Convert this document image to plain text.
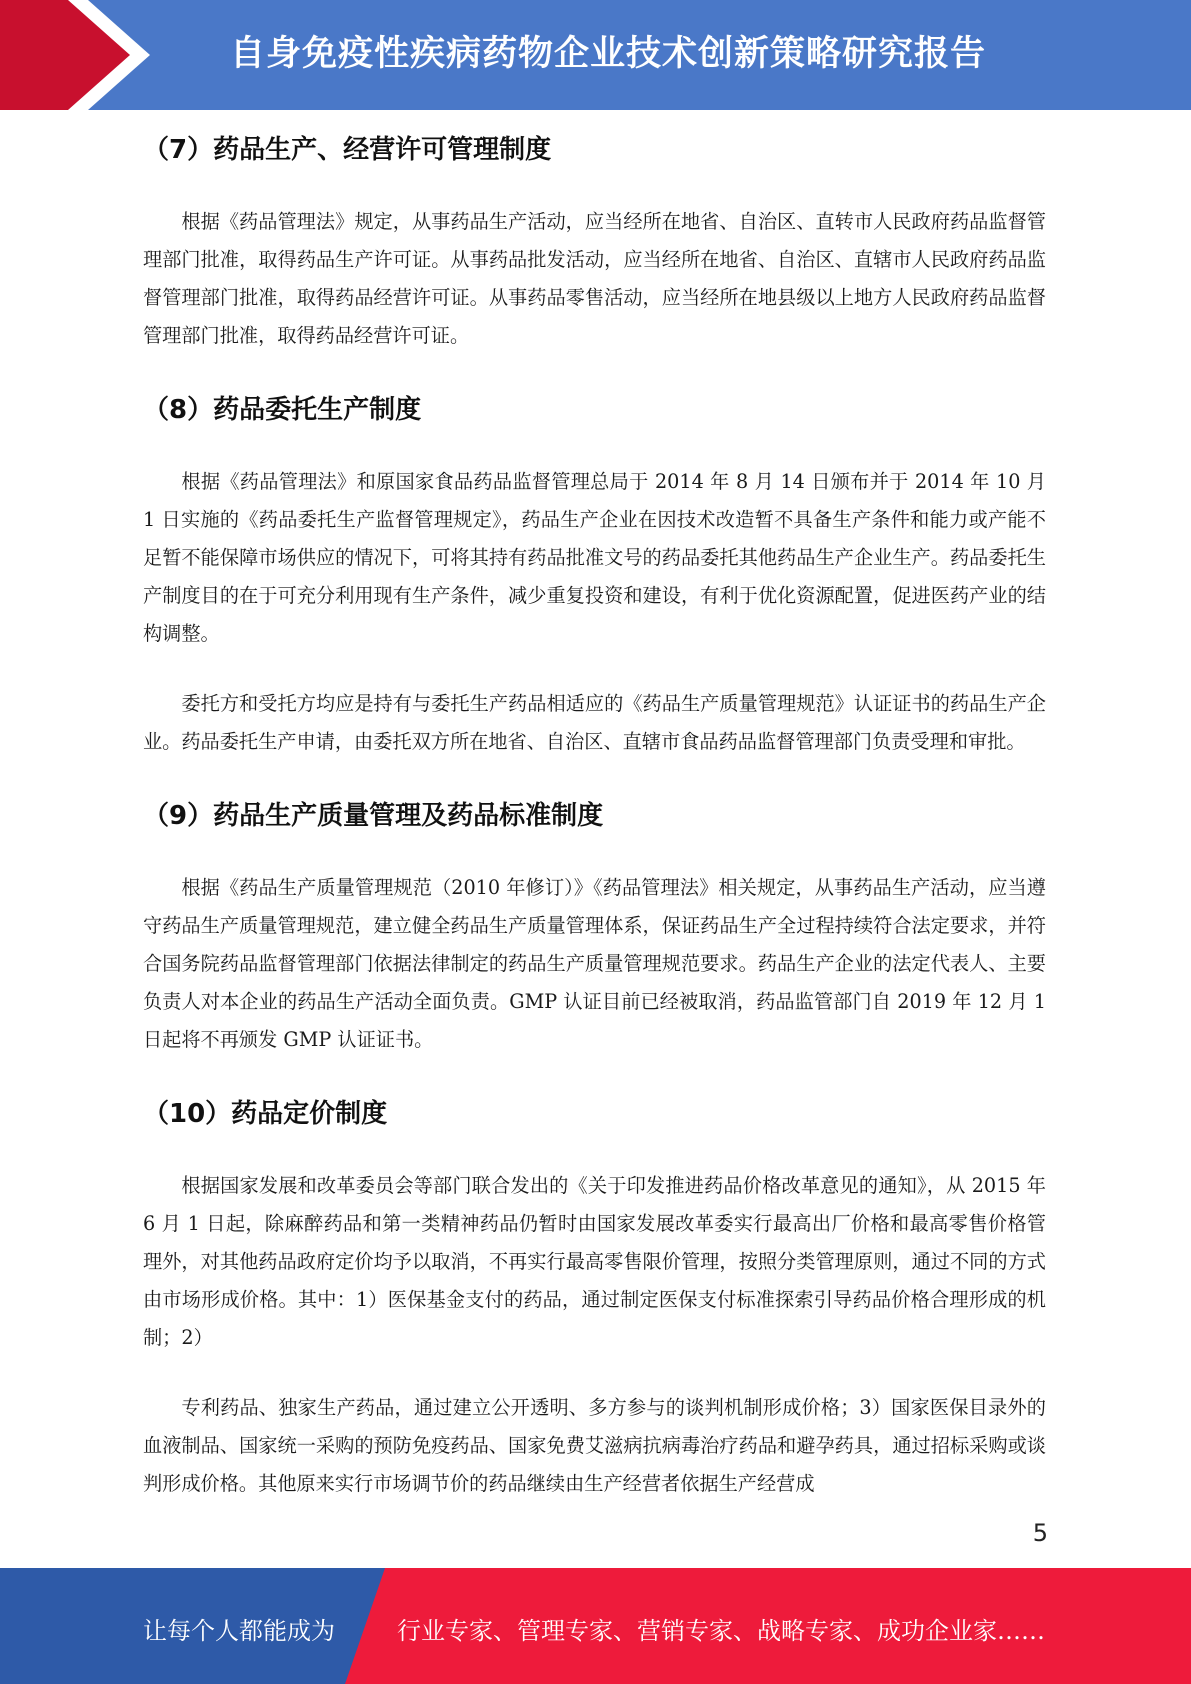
自身免疫性疾病药物企业技术创新策略研究报告
（7）药品生产、经营许可管理制度

根据《药品管理法》规定，从事药品生产活动，应当经所在地省、自治区、直转市人民政府药品监督管理部门批准，取得药品生产许可证。从事药品批发活动，应当经所在地省、自治区、直辖市人民政府药品监督管理部门批准，取得药品经营许可证。从事药品零售活动，应当经所在地县级以上地方人民政府药品监督管理部门批准，取得药品经营许可证。

（8）药品委托生产制度

根据《药品管理法》和原国家食品药品监督管理总局于 2014 年 8 月 14 日颁布并于 2014 年 10 月 1 日实施的《药品委托生产监督管理规定》，药品生产企业在因技术改造暂不具备生产条件和能力或产能不足暂不能保障市场供应的情况下，可将其持有药品批准文号的药品委托其他药品生产企业生产。药品委托生产制度目的在于可充分利用现有生产条件，减少重复投资和建设，有利于优化资源配置，促进医药产业的结构调整。

委托方和受托方均应是持有与委托生产药品相适应的《药品生产质量管理规范》认证证书的药品生产企业。药品委托生产申请，由委托双方所在地省、自治区、直辖市食品药品监督管理部门负责受理和审批。

（9）药品生产质量管理及药品标准制度

根据《药品生产质量管理规范（2010 年修订）》《药品管理法》相关规定，从事药品生产活动，应当遵守药品生产质量管理规范，建立健全药品生产质量管理体系，保证药品生产全过程持续符合法定要求，并符合国务院药品监督管理部门依据法律制定的药品生产质量管理规范要求。药品生产企业的法定代表人、主要负责人对本企业的药品生产活动全面负责。GMP 认证目前已经被取消，药品监管部门自 2019 年 12 月 1 日起将不再颁发 GMP 认证证书。

（10）药品定价制度

根据国家发展和改革委员会等部门联合发出的《关于印发推进药品价格改革意见的通知》，从 2015 年 6 月 1 日起，除麻醉药品和第一类精神药品仍暂时由国家发展改革委实行最高出厂价格和最高零售价格管理外，对其他药品政府定价均予以取消，不再实行最高零售限价管理，按照分类管理原则，通过不同的方式由市场形成价格。其中：1）医保基金支付的药品，通过制定医保支付标准探索引导药品价格合理形成的机制；2）

专利药品、独家生产药品，通过建立公开透明、多方参与的谈判机制形成价格；3）国家医保目录外的血液制品、国家统一采购的预防免疫药品、国家免费艾滋病抗病毒治疗药品和避孕药具，通过招标采购或谈判形成价格。其他原来实行市场调节价的药品继续由生产经营者依据生产经营成

5
让每个人都能成为	行业专家、管理专家、营销专家、战略专家、成功企业家……
